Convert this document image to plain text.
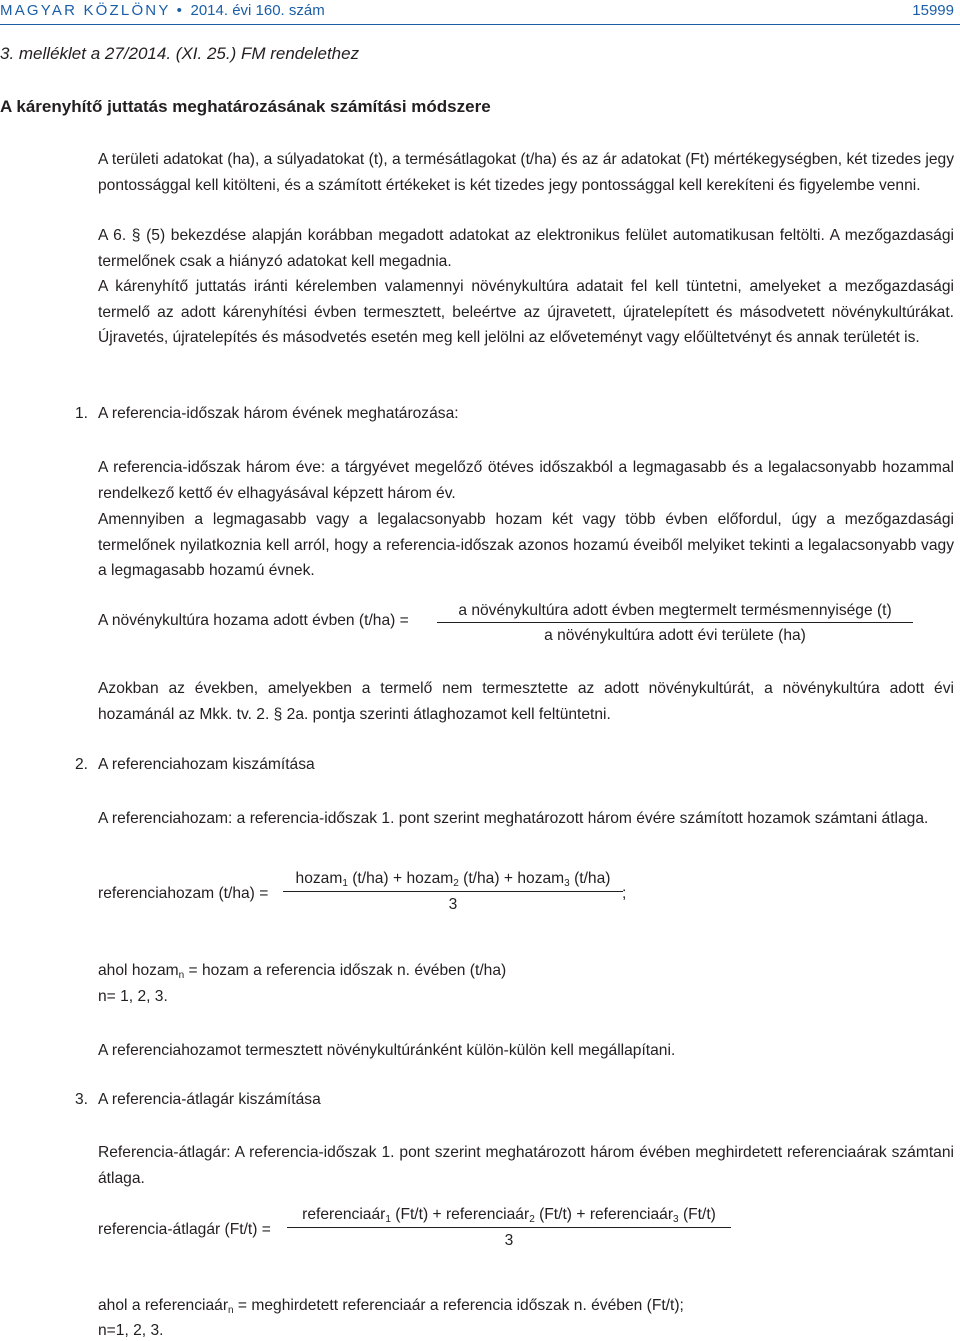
MAGYAR KÖZLÖNY • 2014. évi 160. szám	15999
3. melléklet a 27/2014. (XI. 25.) FM rendelethez
A kárenyhítő juttatás meghatározásának számítási módszere

A területi adatokat (ha), a súlyadatokat (t), a termésátlagokat (t/ha) és az ár adatokat (Ft) mértékegységben, két tizedes jegy pontossággal kell kitölteni, és a számított értékeket is két tizedes jegy pontossággal kell kerekíteni és figyelembe venni.

A 6. § (5) bekezdése alapján korábban megadott adatokat az elektronikus felület automatikusan feltölti. A mezőgazdasági termelőnek csak a hiányzó adatokat kell megadnia.

A kárenyhítő juttatás iránti kérelemben valamennyi növénykultúra adatait fel kell tüntetni, amelyeket a mezőgazdasági termelő az adott kárenyhítési évben termesztett, beleértve az újravetett, újratelepített és másodvetett növénykultúrákat. Újravetés, újratelepítés és másodvetés esetén meg kell jelölni az előveteményt vagy előültetvényt és annak területét is.

1. A referencia-időszak három évének meghatározása:

A referencia-időszak három éve: a tárgyévet megelőző ötéves időszakból a legmagasabb és a legalacsonyabb hozammal rendelkező kettő év elhagyásával képzett három év.

Amennyiben a legmagasabb vagy a legalacsonyabb hozam két vagy több évben előfordul, úgy a mezőgazdasági termelőnek nyilatkoznia kell arról, hogy a referencia-időszak azonos hozamú éveiből melyiket tekinti a legalacsonyabb vagy a legmagasabb hozamú évnek.

A növénykultúra hozama adott évben (t/ha) =
a növénykultúra adott évben megtermelt termésmennyisége (t)
a növénykultúra adott évi területe (ha)

Azokban az években, amelyekben a termelő nem termesztette az adott növénykultúrát, a növénykultúra adott évi hozamánál az Mkk. tv. 2. § 2a. pontja szerinti átlaghozamot kell feltüntetni.

2. A referenciahozam kiszámítása

A referenciahozam: a referencia-időszak 1. pont szerint meghatározott három évére számított hozamok számtani átlaga.

referenciahozam (t/ha) =
hozam$_1$ (t/ha) + hozam$_2$ (t/ha) + hozam$_3$ (t/ha)
3
;
ahol hozam$_n$ = hozam a referencia időszak n. évében (t/ha)
n= 1, 2, 3.

A referenciahozamot termesztett növénykultúránként külön-külön kell megállapítani.

3. A referencia-átlagár kiszámítása

Referencia-átlagár: A referencia-időszak 1. pont szerint meghatározott három évében meghirdetett referenciaárak számtani átlaga.

referencia-átlagár (Ft/t) =
referenciaár$_1$ (Ft/t) + referenciaár$_2$ (Ft/t) + referenciaár$_3$ (Ft/t)
3
ahol a referenciaár$_n$ = meghirdetett referenciaár a referencia időszak n. évében (Ft/t);
n=1, 2, 3.
